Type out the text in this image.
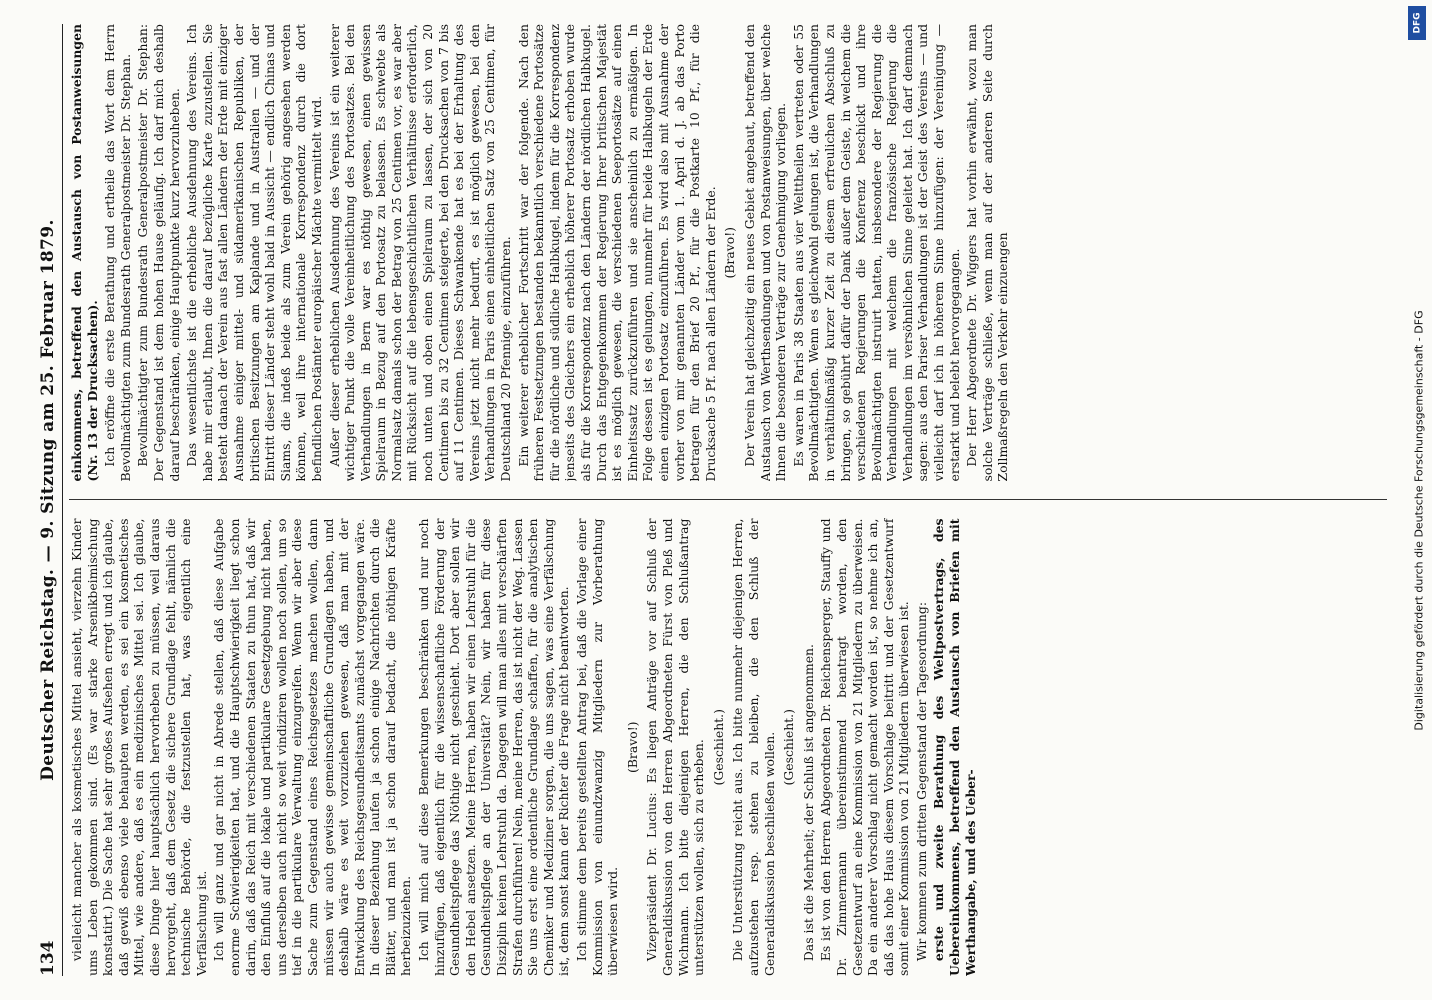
134
Deutscher Reichstag. — 9. Sitzung am 25. Februar 1879. vielleicht mancher als kosmetisches Mittel ansieht, vierzehn Kinder ums Leben gekommen sind. (Es war starke Arsenikbeimischung konstatirt.) Die Sache hat sehr großes Aufsehen erregt und ich glaube, daß gewiß ebenso viele behaupten werden, es sei ein kosmetisches Mittel, wie andere, daß es ein medizinisches Mittel sei. Ich glaube, diese Dinge hier hauptsächlich hervorheben zu müssen, weil daraus hervorgeht, daß dem Gesetz die sichere Grundlage fehlt, nämlich die technische Behörde, die festzustellen hat, was eigentlich eine Verfälschung ist. Ich will ganz und gar nicht in Abrede stellen, daß diese Aufgabe enorme Schwierigkeiten hat, und die Hauptschwierigkeit liegt schon darin, daß das Reich mit verschiedenen Staaten zu thun hat, daß wir den Einfluß auf die lokale und partikulare Gesetzgebung nicht haben, uns derselben auch nicht so weit vindiziren wollen noch sollen, um so tief in die partikulare Verwaltung einzugreifen. Wenn wir aber diese Sache zum Gegenstand eines Reichsgesetzes machen wollen, dann müssen wir auch gewisse gemeinschaftliche Grundlagen haben, und deshalb wäre es weit vorzuziehen gewesen, daß man mit der Entwicklung des Reichsgesundheitsamts zunächst vorgegangen wäre. In dieser Beziehung laufen ja schon einige Nachrichten durch die Blätter, und man ist ja schon darauf bedacht, die nöthigen Kräfte herbeizuziehen. Ich will mich auf diese Bemerkungen beschränken und nur noch hinzufügen, daß eigentlich für die wissenschaftliche Förderung der Gesundheitspflege das Nöthige nicht geschieht. Dort aber sollen wir den Hebel ansetzen. Meine Herren, haben wir einen Lehrstuhl für die Gesundheitspflege an der Universität? Nein, wir haben für diese Disziplin keinen Lehrstuhl da. Dagegen will man alles mit verschärften Strafen durchführen! Nein, meine Herren, das ist nicht der Weg. Lassen Sie uns erst eine ordentliche Grundlage schaffen, für die analytischen Chemiker und Mediziner sorgen, die uns sagen, was eine Verfälschung ist, denn sonst kann der Richter die Frage nicht beantworten. Ich stimme dem bereits gestellten Antrag bei, daß die Vorlage einer Kommission von einundzwanzig Mitgliedern zur Vorberathung überwiesen wird.

(Bravo!) Vizepräsident Dr. Lucius: Es liegen Anträge vor auf Schluß der Generaldiskussion von den Herren Abgeordneten Fürst von Pleß und Wichmann. Ich bitte diejenigen Herren, die den Schlußantrag unterstützen wollen, sich zu erheben. (Geschieht.) Die Unterstützung reicht aus. Ich bitte nunmehr diejenigen Herren, aufzustehen resp. stehen zu bleiben, die den Schluß der Generaldiskussion beschließen wollen. (Geschieht.) Das ist die Mehrheit; der Schluß ist angenommen. Es ist von den Herren Abgeordneten Dr. Reichensperger, Stauffy und Dr. Zimmermann übereinstimmend beantragt worden, den Gesetzentwurf an eine Kommission von 21 Mitgliedern zu überweisen. Da ein anderer Vorschlag nicht gemacht worden ist, so nehme ich an, daß das hohe Haus diesem Vorschlage beitritt und der Gesetzentwurf somit einer Kommission von 21 Mitgliedern überwiesen ist. Wir kommen zum dritten Gegenstand der Tagesordnung: erste und zweite Berathung des Weltpostvertrags, des Uebereinkommens, betreffend den Austausch von Briefen mit Werthangabe, und des Ueber-

einkommens, betreffend den Austausch von Postanweisungen (Nr. 13 der Drucksachen). Ich eröffne die erste Berathung und ertheile das Wort dem Herrn Bevollmächtigten zum Bundesrath Generalpostmeister Dr. Stephan. Bevollmächtigter zum Bundesrath Generalpostmeister Dr. Stephan: Der Gegenstand ist dem hohen Hause geläufig. Ich darf mich deshalb darauf beschränken, einige Hauptpunkte kurz hervorzuheben. Das wesentlichste ist die erhebliche Ausdehnung des Vereins. Ich habe mir erlaubt, Ihnen die darauf bezügliche Karte zuzustellen. Sie besteht danach der Verein aus fast allen Ländern der Erde mit einziger Ausnahme einiger mittel- und südamerikanischen Republiken, der britischen Besitzungen am Kaplande und in Australien — und der Eintritt dieser Länder steht wohl bald in Aussicht — endlich Chinas und Siams, die indeß beide als zum Verein gehörig angesehen werden können, weil ihre internationale Korrespondenz durch die dort befindlichen Postämter europäischer Mächte vermittelt wird. Außer dieser erheblichen Ausdehnung des Vereins ist ein weiterer wichtiger Punkt die volle Vereinheitlichung des Portosatzes. Bei den Verhandlungen in Bern war es nöthig gewesen, einen gewissen Spielraum in Bezug auf den Portosatz zu belassen. Es schwebte als Normalsatz damals schon der Betrag von 25 Centimen vor, es war aber mit Rücksicht auf die lebensgeschichtlichen Verhältnisse erforderlich, noch unten und oben einen Spielraum zu lassen, der sich von 20 Centimen bis zu 32 Centimen steigerte, bei den Drucksachen von 7 bis auf 11 Centimen. Dieses Schwankende hat es bei der Erhaltung des Vereins jetzt nicht mehr bedurft, es ist möglich gewesen, bei den Verhandlungen in Paris einen einheitlichen Satz von 25 Centimen, für Deutschland 20 Pfennige, einzuführen. Ein weiterer erheblicher Fortschritt war der folgende. Nach den früheren Festsetzungen bestanden bekanntlich verschiedene Portosätze für die nördliche und südliche Halbkugel, indem für die Korrespondenz jenseits des Gleichers ein erheblich höherer Portosatz erhoben wurde als für die Korrespondenz nach den Ländern der nördlichen Halbkugel. Durch das Entgegenkommen der Regierung Ihrer britischen Majestät ist es möglich gewesen, die verschiedenen Seeportosätze auf einen Einheitssatz zurückzuführen und sie anscheinlich zu ermäßigen. In Folge dessen ist es gelungen, nunmehr für beide Halbkugeln der Erde einen einzigen Portosatz einzuführen. Es wird also mit Ausnahme der vorher von mir genannten Länder vom 1. April d. J. ab das Porto betragen für den Brief 20 Pf., für die Postkarte 10 Pf., für die Drucksache 5 Pf. nach allen Ländern der Erde. (Bravo!) Der Verein hat gleichzeitig ein neues Gebiet angebaut, betreffend den Austausch von Werthsendungen und von Postanweisungen, über welche Ihnen die besonderen Verträge zur Genehmigung vorliegen. Es waren in Paris 38 Staaten aus vier Welttheilen vertreten oder 55 Bevollmächtigten. Wenn es gleichwohl gelungen ist, die Verhandlungen in verhältnißmäßig kurzer Zeit zu diesem erfreulichen Abschluß zu bringen, so gebührt dafür der Dank außer dem Geiste, in welchem die verschiedenen Regierungen die Konferenz beschickt und ihre Bevollmächtigten instruirt hatten, insbesondere der Regierung die Verhandlungen mit welchem die französische Regierung die Verhandlungen im versöhnlichen Sinne geleitet hat. Ich darf demnach sagen: aus den Pariser Verhandlungen ist der Geist des Vereins — und vielleicht darf ich in höherem Sinne hinzufügen: der Vereinigung — erstarkt und belebt hervorgegangen. Der Herr Abgeordnete Dr. Wiggers hat vorhin erwähnt, wozu man solche Verträge schließe, wenn man auf der anderen Seite durch Zollmaßregeln den Verkehr einzuengen

DFG
Digitalisierung gefördert durch die Deutsche Forschungsgemeinschaft - DFG
